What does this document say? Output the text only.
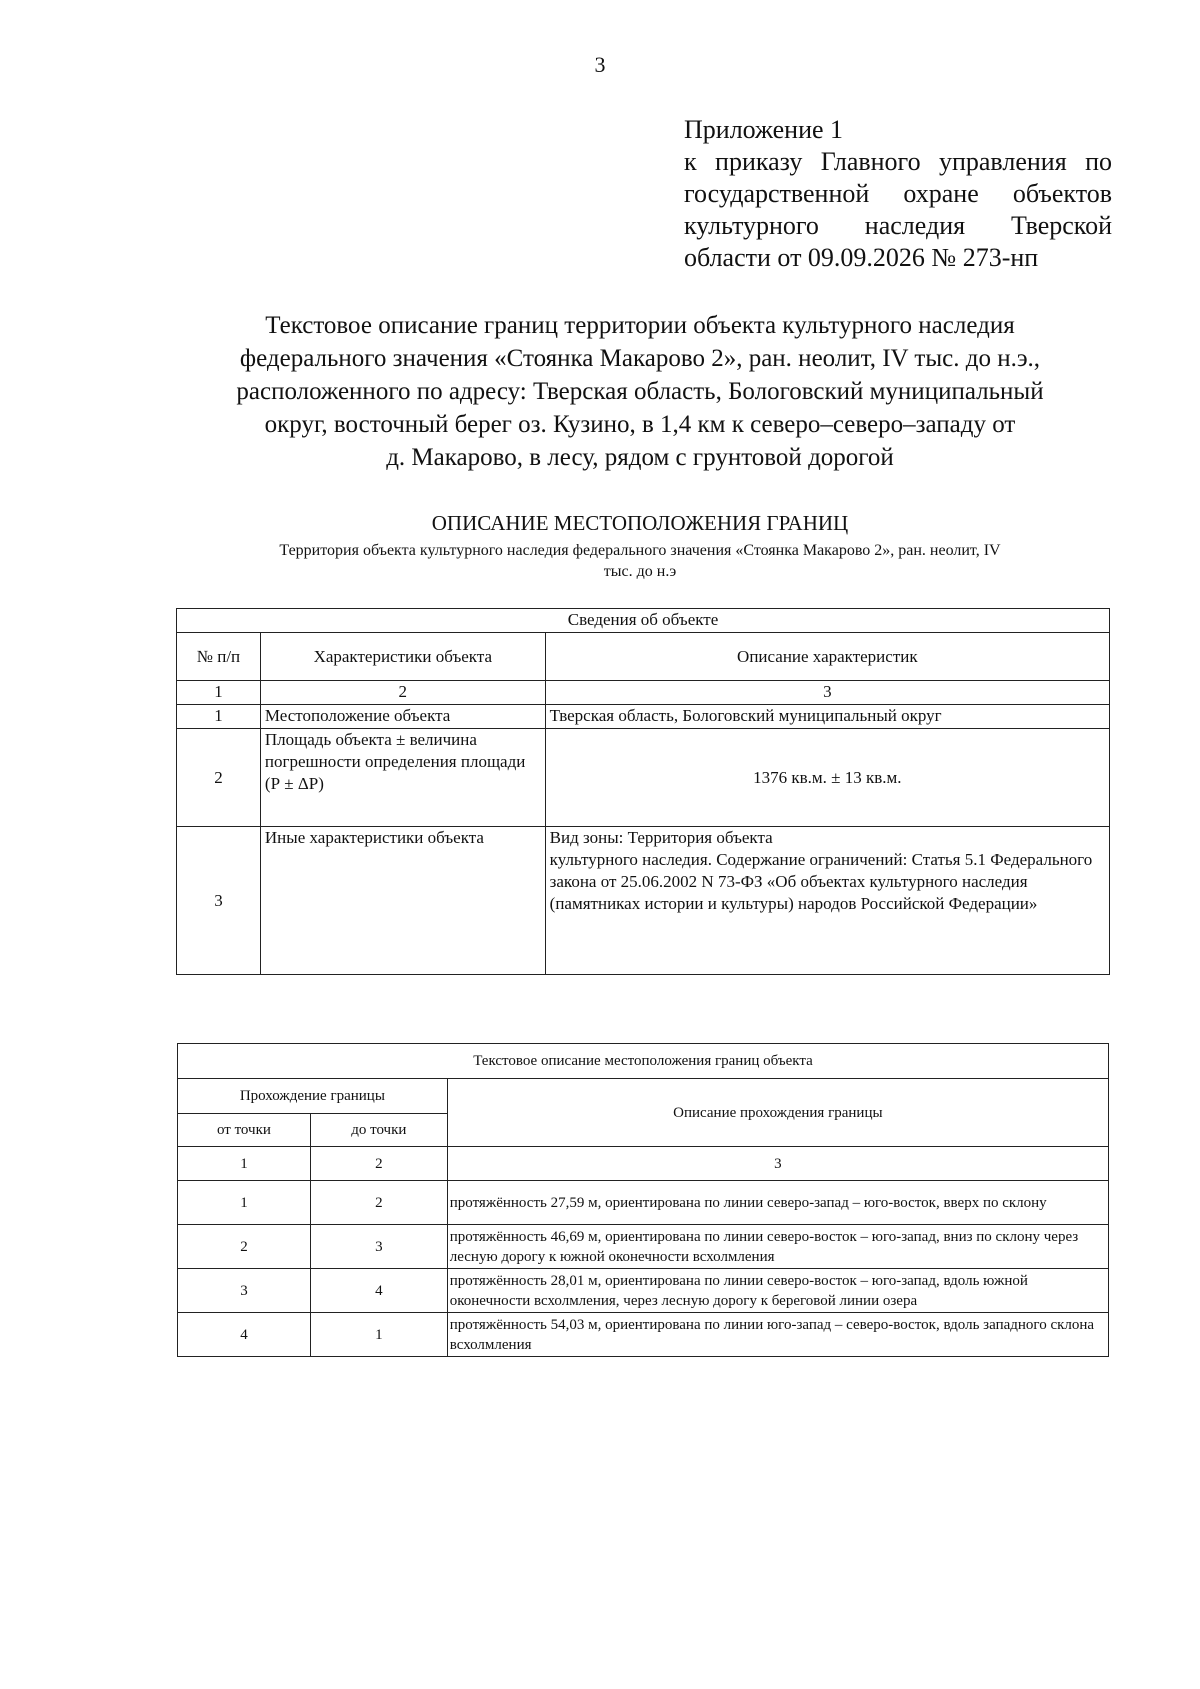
3
Приложение 1
к приказу Главного управления по
государственной охране объектов
культурного наследия Тверской
области от 09.09.2026 № 273-нп
Текстовое описание границ территории объекта культурного наследия
федерального значения «Стоянка Макарово 2», ран. неолит, IV тыс. до н.э.,
расположенного по адресу: Тверская область, Бологовский муниципальный
округ, восточный берег оз. Кузино, в 1,4 км к северо–северо–западу от
д. Макарово, в лесу, рядом с грунтовой дорогой
ОПИСАНИЕ МЕСТОПОЛОЖЕНИЯ ГРАНИЦ
Территория объекта культурного наследия федерального значения «Стоянка Макарово 2», ран. неолит, IV
тыс. до н.э
Сведения об объекте		
№ п/п	Характеристики объекта	Описание характеристик
1	2	3
1	Местоположение объекта	Тверская область, Бологовский муниципальный округ
2	Площадь объекта ± величина погрешности определения площади (Р ± ΔР)	1376 кв.м. ± 13 кв.м.
3	Иные характеристики объекта	Вид зоны: Территория объекта
культурного наследия. Содержание ограничений: Статья 5.1 Федерального закона от 25.06.2002 N 73-ФЗ «Об объектах культурного наследия (памятниках истории и культуры) народов Российской Федерации»
Текстовое описание местоположения границ объекта		
Прохождение границы		Описание прохождения границы
от точки	до точки	
1	2	3
1	2	протяжённость 27,59 м, ориентирована по линии северо-запад – юго-восток, вверх по склону
2	3	протяжённость 46,69 м, ориентирована по линии северо-восток – юго-запад, вниз по склону через лесную дорогу к южной оконечности всхолмления
3	4	протяжённость 28,01 м, ориентирована по линии северо-восток – юго-запад, вдоль южной оконечности всхолмления, через лесную дорогу к береговой линии озера
4	1	протяжённость 54,03 м, ориентирована по линии юго-запад – северо-восток, вдоль западного склона всхолмления
